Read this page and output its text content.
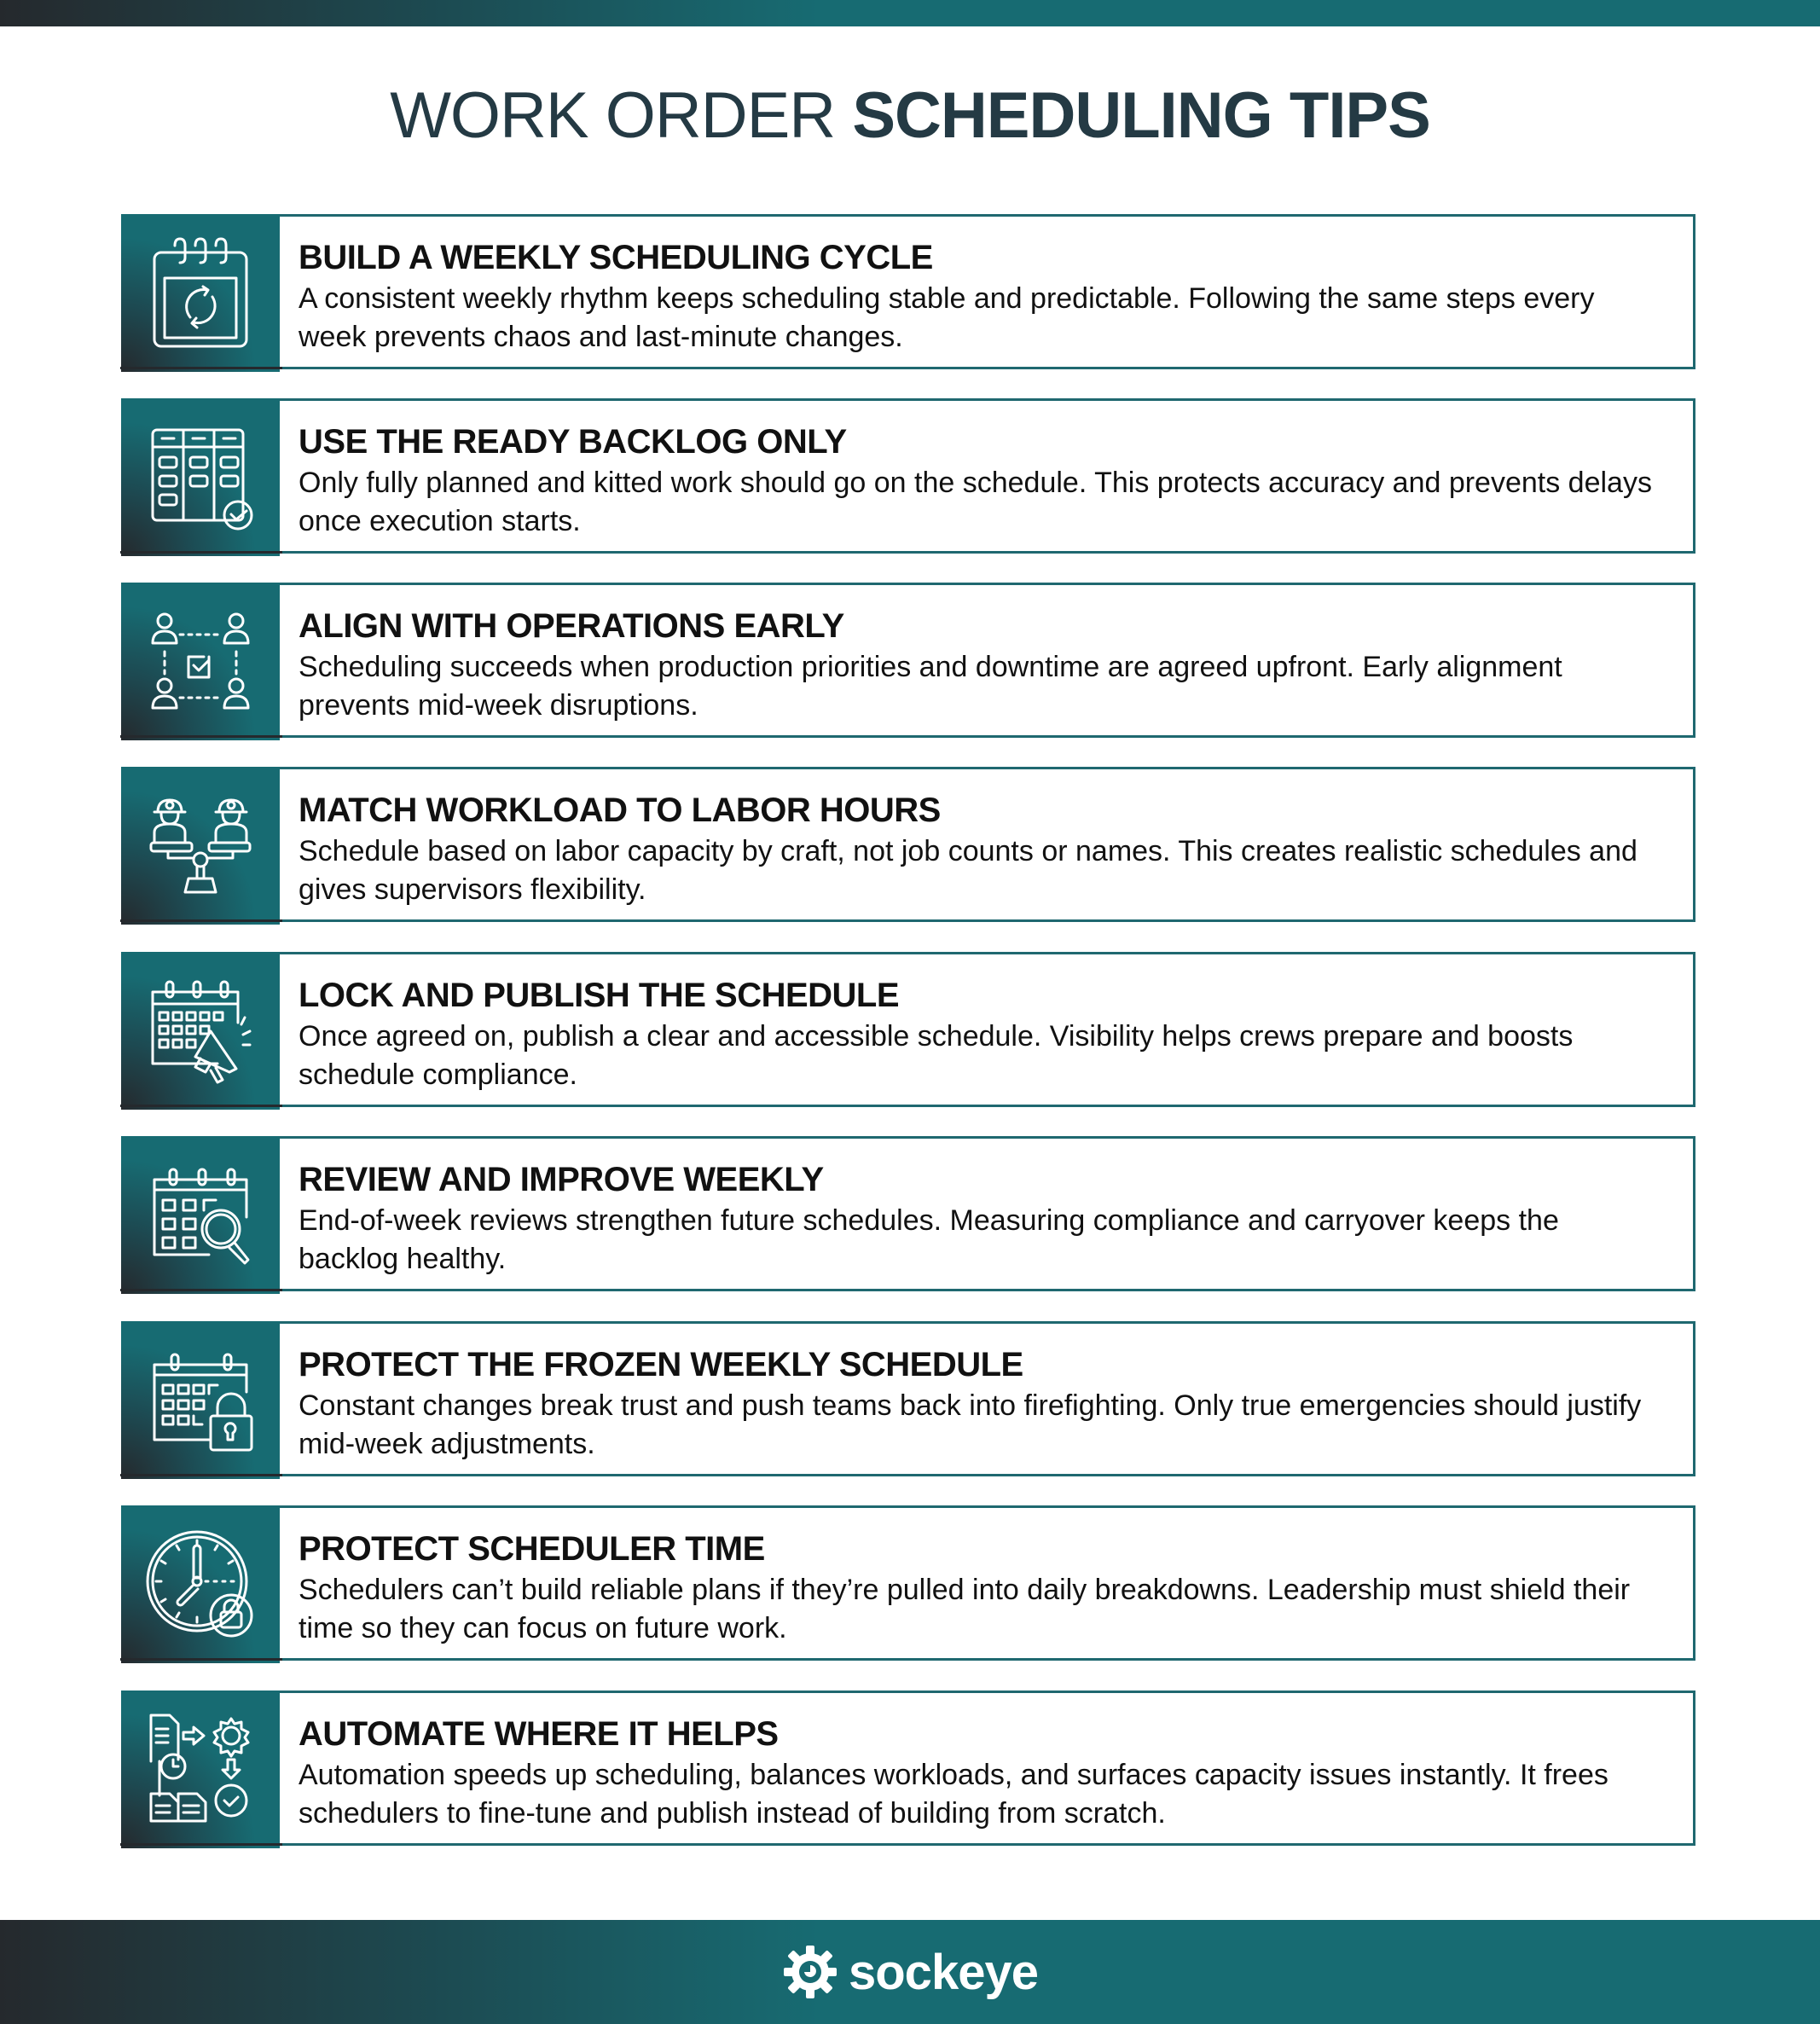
WORK ORDER SCHEDULING TIPS
BUILD A WEEKLY SCHEDULING CYCLE
A consistent weekly rhythm keeps scheduling stable and predictable. Following the same steps every week prevents chaos and last-minute changes.
USE THE READY BACKLOG ONLY
Only fully planned and kitted work should go on the schedule. This protects accuracy and prevents delays once execution starts.
ALIGN WITH OPERATIONS EARLY
Scheduling succeeds when production priorities and downtime are agreed upfront. Early alignment prevents mid-week disruptions.
MATCH WORKLOAD TO LABOR HOURS
Schedule based on labor capacity by craft, not job counts or names. This creates realistic schedules and gives supervisors flexibility.
LOCK AND PUBLISH THE SCHEDULE
Once agreed on, publish a clear and accessible schedule. Visibility helps crews prepare and boosts schedule compliance.
REVIEW AND IMPROVE WEEKLY
End-of-week reviews strengthen future schedules. Measuring compliance and carryover keeps the backlog healthy.
PROTECT THE FROZEN WEEKLY SCHEDULE
Constant changes break trust and push teams back into firefighting. Only true emergencies should justify mid-week adjustments.
PROTECT SCHEDULER TIME
Schedulers can’t build reliable plans if they’re pulled into daily breakdowns. Leadership must shield their time so they can focus on future work.
AUTOMATE WHERE IT HELPS
Automation speeds up scheduling, balances workloads, and surfaces capacity issues instantly. It frees schedulers to fine-tune and publish instead of building from scratch.
sockeye
